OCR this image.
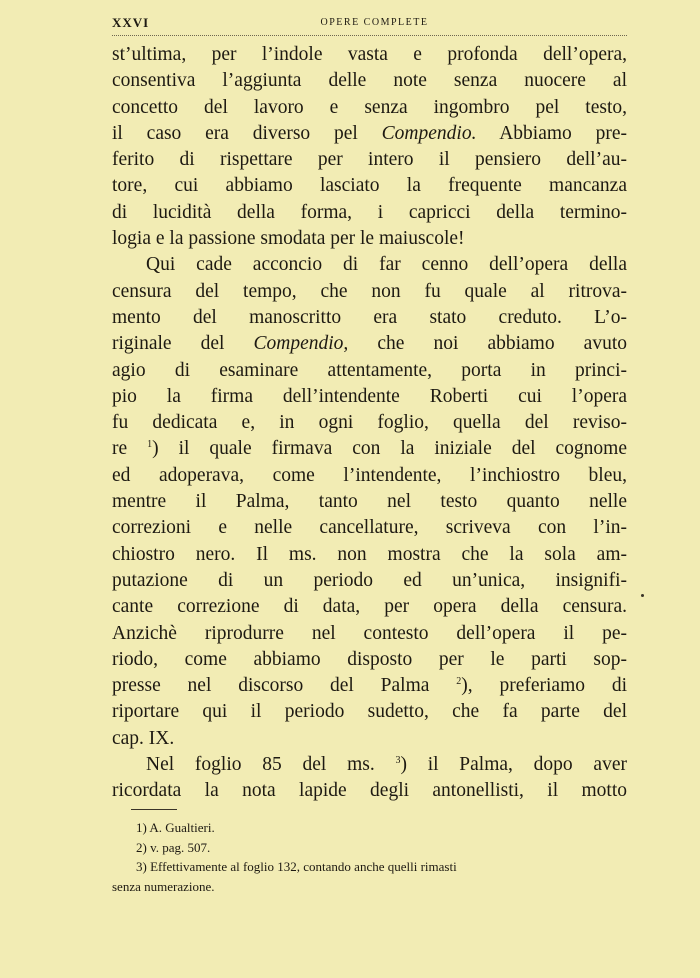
XXVI	OPERE COMPLETE
st’ultima, per l’indole vasta e profonda dell’opera,
consentiva l’aggiunta delle note senza nuocere al
concetto del lavoro e senza ingombro pel testo,
il caso era diverso pel Compendio. Abbiamo pre-
ferito di rispettare per intero il pensiero dell’au-
tore, cui abbiamo lasciato la frequente mancanza
di lucidità della forma, i capricci della termino-
logia e la passione smodata per le maiuscole!
Qui cade acconcio di far cenno dell’opera della
censura del tempo, che non fu quale al ritrova-
mento del manoscritto era stato creduto. L’o-
riginale del Compendio, che noi abbiamo avuto
agio di esaminare attentamente, porta in princi-
pio la firma dell’intendente Roberti cui l’opera
fu dedicata e, in ogni foglio, quella del reviso-
re $^1$) il quale firmava con la iniziale del cognome
ed adoperava, come l’intendente, l’inchiostro bleu,
mentre il Palma, tanto nel testo quanto nelle
correzioni e nelle cancellature, scriveva con l’in-
chiostro nero. Il ms. non mostra che la sola am-
putazione di un periodo ed un’unica, insignifi-
cante correzione di data, per opera della censura.
Anzichè riprodurre nel contesto dell’opera il pe-
riodo, come abbiamo disposto per le parti sop-
presse nel discorso del Palma $^2$), preferiamo di
riportare qui il periodo sudetto, che fa parte del
cap. IX.
Nel foglio 85 del ms. $^3$) il Palma, dopo aver
ricordata la nota lapide degli antonellisti, il motto
1) A. Gualtieri.
2) v. pag. 507.
3) Effettivamente al foglio 132, contando anche quelli rimasti
senza numerazione.
